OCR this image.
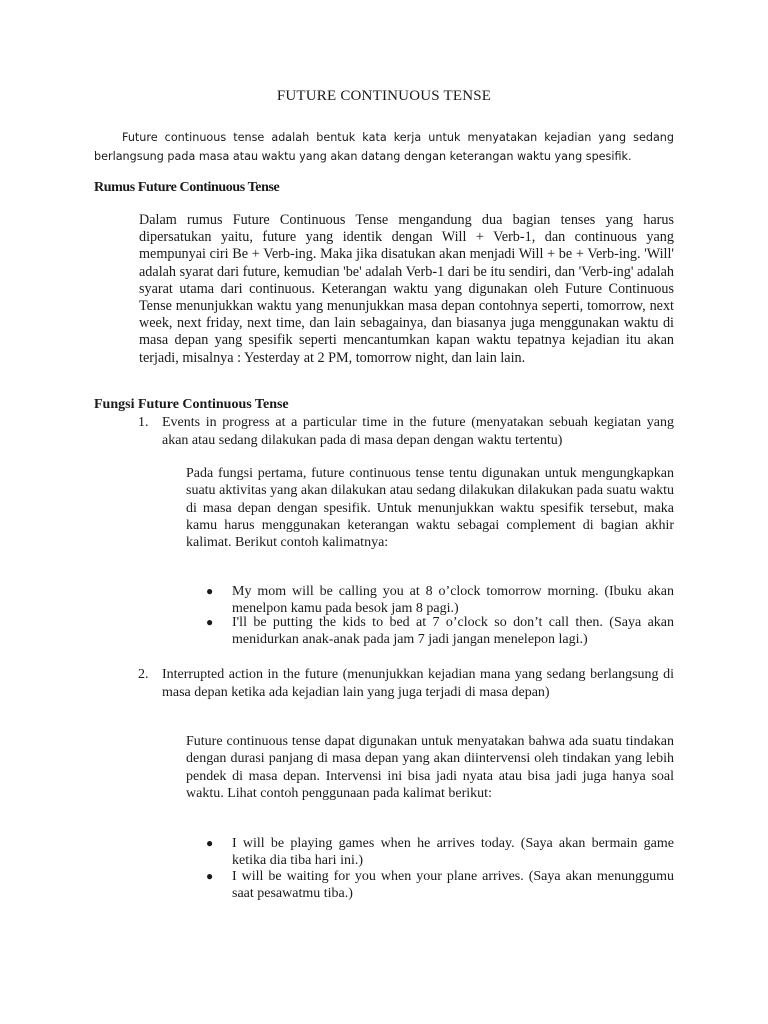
FUTURE CONTINUOUS TENSE
Future continuous tense adalah bentuk kata kerja untuk menyatakan kejadian yang sedang berlangsung pada masa atau waktu yang akan datang dengan keterangan waktu yang spesifik.
Rumus Future Continuous Tense
Dalam rumus Future Continuous Tense mengandung dua bagian tenses yang harus dipersatukan yaitu, future yang identik dengan Will + Verb-1, dan continuous yang mempunyai ciri Be + Verb-ing. Maka jika disatukan akan menjadi Will + be + Verb-ing. 'Will' adalah syarat dari future, kemudian 'be' adalah Verb-1 dari be itu sendiri, dan 'Verb-ing' adalah syarat utama dari continuous. Keterangan waktu yang digunakan oleh Future Continuous Tense menunjukkan waktu yang menunjukkan masa depan contohnya seperti, tomorrow, next week, next friday, next time, dan lain sebagainya, dan biasanya juga menggunakan waktu di masa depan yang spesifik seperti mencantumkan kapan waktu tepatnya kejadian itu akan terjadi, misalnya : Yesterday at 2 PM, tomorrow night, dan lain lain.
Fungsi Future Continuous Tense
1. Events in progress at a particular time in the future (menyatakan sebuah kegiatan yang akan atau sedang dilakukan pada di masa depan dengan waktu tertentu)
Pada fungsi pertama, future continuous tense tentu digunakan untuk mengungkapkan suatu aktivitas yang akan dilakukan atau sedang dilakukan dilakukan pada suatu waktu di masa depan dengan spesifik. Untuk menunjukkan waktu spesifik tersebut, maka kamu harus menggunakan keterangan waktu sebagai complement di bagian akhir kalimat. Berikut contoh kalimatnya:
● My mom will be calling you at 8 o’clock tomorrow morning. (Ibuku akan menelpon kamu pada besok jam 8 pagi.)
● I'll be putting the kids to bed at 7 o’clock so don’t call then. (Saya akan menidurkan anak-anak pada jam 7 jadi jangan menelepon lagi.)
2. Interrupted action in the future (menunjukkan kejadian mana yang sedang berlangsung di masa depan ketika ada kejadian lain yang juga terjadi di masa depan)
Future continuous tense dapat digunakan untuk menyatakan bahwa ada suatu tindakan dengan durasi panjang di masa depan yang akan diintervensi oleh tindakan yang lebih pendek di masa depan. Intervensi ini bisa jadi nyata atau bisa jadi juga hanya soal waktu. Lihat contoh penggunaan pada kalimat berikut:
● I will be playing games when he arrives today. (Saya akan bermain game ketika dia tiba hari ini.)
● I will be waiting for you when your plane arrives. (Saya akan menunggumu saat pesawatmu tiba.)
